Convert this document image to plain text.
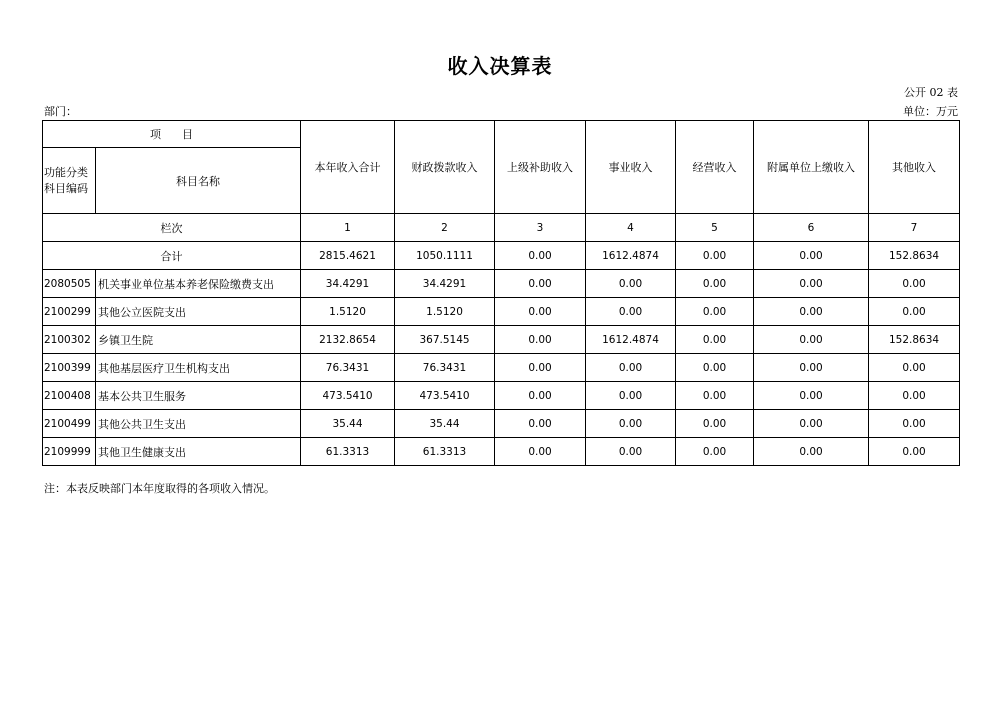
收入决算表
公开 02 表
部门：	单位：万元
项      目		本年收入合计	财政拨款收入	上级补助收入	事业收入	经营收入	附属单位上缴收入	其他收入
功能分类科目编码	科目名称							
栏次		1	2	3	4	5	6	7
合计		2815.4621	1050.1111	0.00	1612.4874	0.00	0.00	152.8634
2080505	机关事业单位基本养老保险缴费支出	34.4291	34.4291	0.00	0.00	0.00	0.00	0.00
2100299	其他公立医院支出	1.5120	1.5120	0.00	0.00	0.00	0.00	0.00
2100302	乡镇卫生院	2132.8654	367.5145	0.00	1612.4874	0.00	0.00	152.8634
2100399	其他基层医疗卫生机构支出	76.3431	76.3431	0.00	0.00	0.00	0.00	0.00
2100408	基本公共卫生服务	473.5410	473.5410	0.00	0.00	0.00	0.00	0.00
2100499	其他公共卫生支出	35.44	35.44	0.00	0.00	0.00	0.00	0.00
2109999	其他卫生健康支出	61.3313	61.3313	0.00	0.00	0.00	0.00	0.00
注：本表反映部门本年度取得的各项收入情况。
